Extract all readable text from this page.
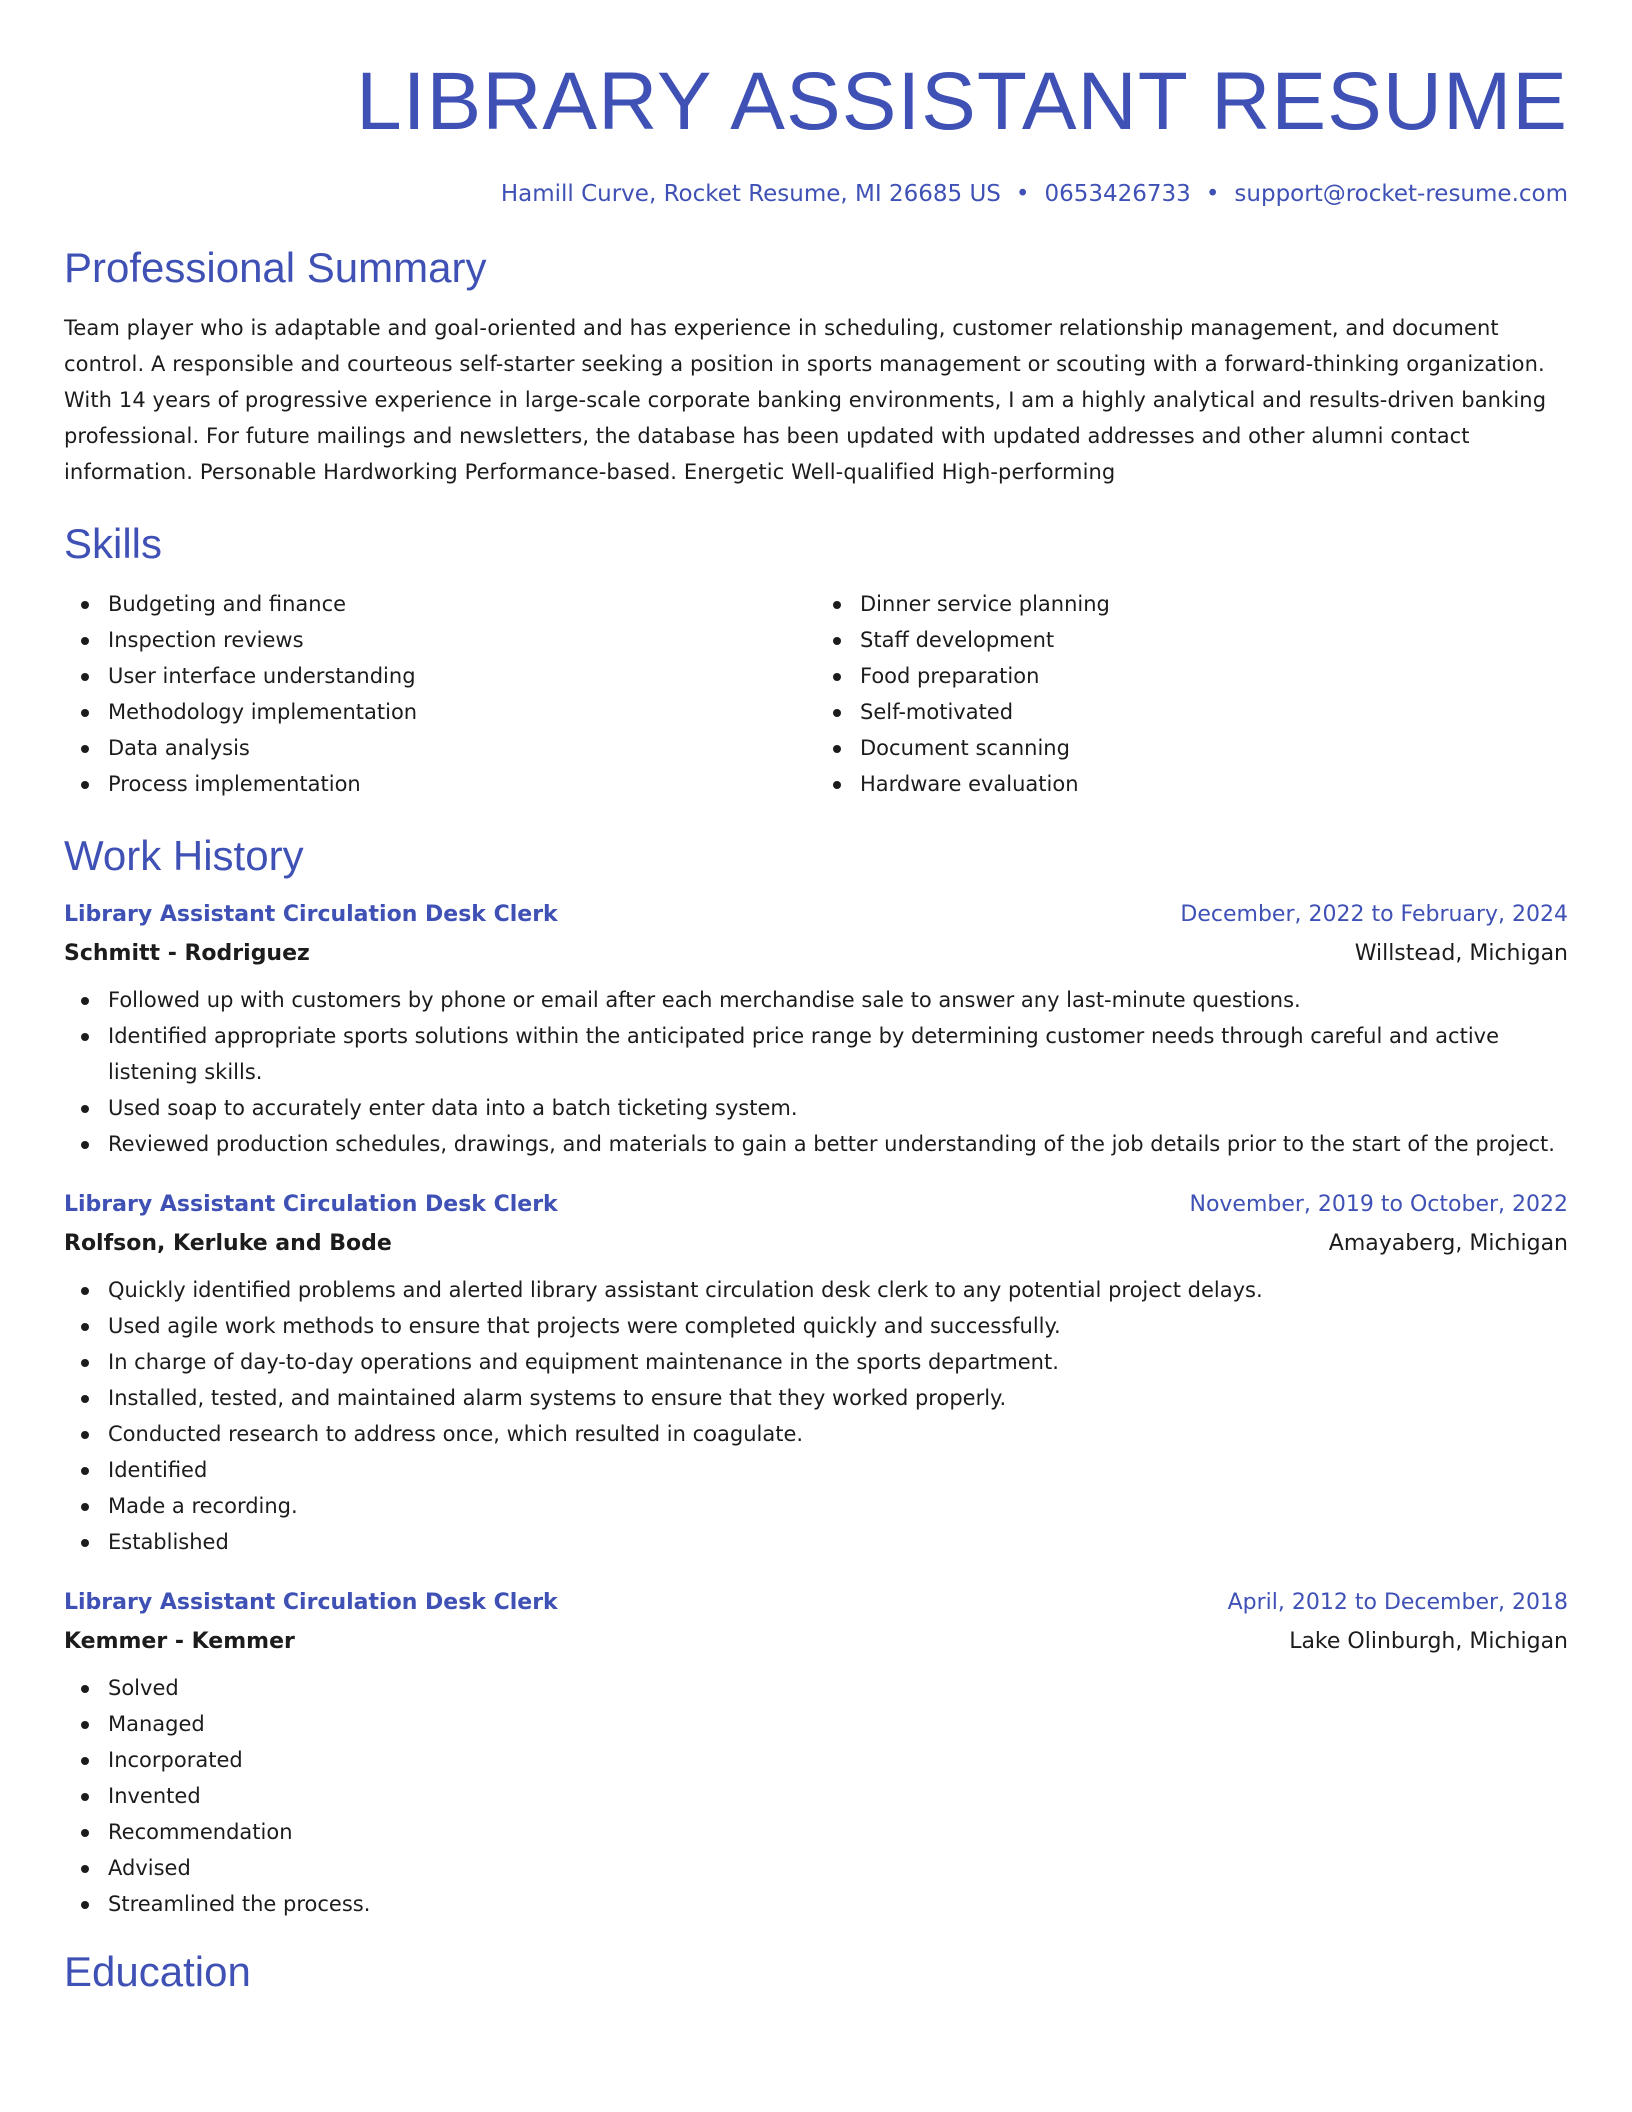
LIBRARY ASSISTANT RESUME
Hamill Curve, Rocket Resume, MI 26685 US • 0653426733 • support@rocket-resume.com
Professional Summary

Team player who is adaptable and goal-oriented and has experience in scheduling, customer relationship management, and document control. A responsible and courteous self-starter seeking a position in sports management or scouting with a forward-thinking organization. With 14 years of progressive experience in large-scale corporate banking environments, I am a highly analytical and results-driven banking professional. For future mailings and newsletters, the database has been updated with updated addresses and other alumni contact information. Personable Hardworking Performance-based. Energetic Well-qualified High-performing

Skills
Budgeting and finance
Inspection reviews
User interface understanding
Methodology implementation
Data analysis
Process implementation
Dinner service planning
Staff development
Food preparation
Self-motivated
Document scanning
Hardware evaluation
Work History
Library Assistant Circulation Desk Clerk	December, 2022 to February, 2024
Schmitt - Rodriguez	Willstead, Michigan
Followed up with customers by phone or email after each merchandise sale to answer any last-minute questions.
Identified appropriate sports solutions within the anticipated price range by determining customer needs through careful and active listening skills.
Used soap to accurately enter data into a batch ticketing system.
Reviewed production schedules, drawings, and materials to gain a better understanding of the job details prior to the start of the project.
Library Assistant Circulation Desk Clerk	November, 2019 to October, 2022
Rolfson, Kerluke and Bode	Amayaberg, Michigan
Quickly identified problems and alerted library assistant circulation desk clerk to any potential project delays.
Used agile work methods to ensure that projects were completed quickly and successfully.
In charge of day-to-day operations and equipment maintenance in the sports department.
Installed, tested, and maintained alarm systems to ensure that they worked properly.
Conducted research to address once, which resulted in coagulate.
Identified
Made a recording.
Established
Library Assistant Circulation Desk Clerk	April, 2012 to December, 2018
Kemmer - Kemmer	Lake Olinburgh, Michigan
Solved
Managed
Incorporated
Invented
Recommendation
Advised
Streamlined the process.
Education
